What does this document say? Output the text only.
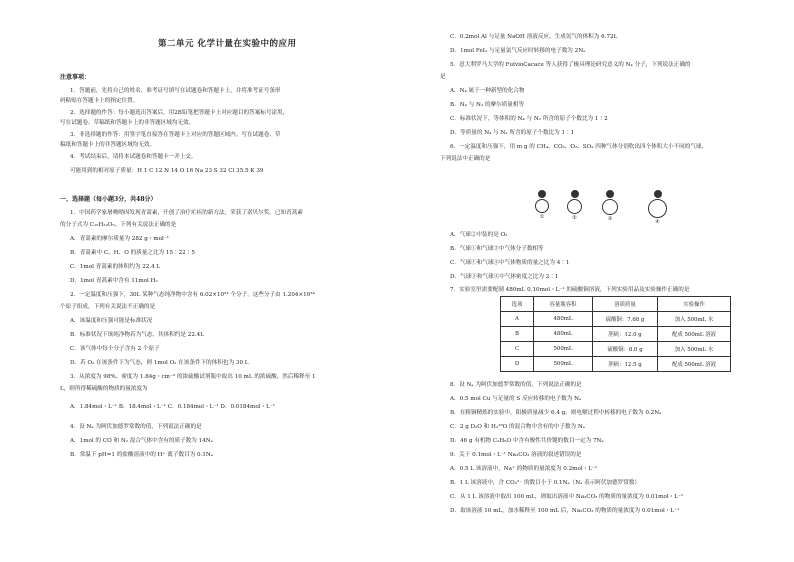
第二单元 化学计量在实验中的应用
注意事项：
1．答题前，先将自己的姓名、准考证号填写在试题卷和答题卡上，并将准考证号条形
码粘贴在答题卡上的指定位置。
2．选择题的作答：每小题选出答案后，用2B铅笔把答题卡上对应题目的答案标号涂黑，
写在试题卷、草稿纸和答题卡上的非答题区域均无效。
3．非选择题的作答：用签字笔直接答在答题卡上对应的答题区域内。写在试题卷、草
稿纸和答题卡上的非答题区域均无效。
4．考试结束后，请将本试题卷和答题卡一并上交。
可能用到的相对原子质量：H 1 C 12 N 14 O 16 Na 23 S 32 Cl 35.5 K 39
一、选择题（每小题3分，共48分）
1．中国药学家屠呦呦因发现青蒿素，开创了治疗疟疾的新方法，荣获了诺贝尔奖。已知青蒿素
的分子式为 C₁₅H₂₂O₅。下列有关说法正确的是
A．青蒿素的摩尔质量为 282 g・mol⁻¹
B．青蒿素中 C、H、O 的质量之比为 15∶22∶5
C．1mol 青蒿素的体积约为 22.4 L
D．1mol 青蒿素中含有 11mol H₂
2．一定温度和压强下，30L 某种气态纯净物中含有 6.02×10²³ 个分子，这些分子由 1.204×10²⁴
个原子组成，下列有关说法不正确的是
A．该温度和压强可能是标准状况
B．标准状况下该纯净物若为气态，其体积约是 22.4L
C．该气体中每个分子含有 2 个原子
D．若 O₂ 在该条件下为气态，则 1mol O₂ 在该条件下的体积也为 30 L
3．从浓度为 98%、密度为 1.84g・cm⁻³ 的浓硫酸试剂瓶中取出 10 mL 的浓硫酸，然后稀释至 1
L，则所得稀硫酸的物质的量浓度为
A．1.84mol・L⁻¹ B．18.4mol・L⁻¹ C．0.184mol・L⁻¹ D．0.0184mol・L⁻¹
4．设 Nₐ 为阿伏加德罗常数的值，下列说法正确的是
A．1mol 的 CO 和 N₂ 混合气体中含有的质子数为 14Nₐ
B．常温下 pH=1 的盐酸溶液中的 H⁺ 离子数目为 0.1Nₐ
C．0.2mol Al 与足量 NaOH 溶液反应，生成氢气的体积为 6.72L
D．1mol FeI₂ 与足量氯气反应时转移的电子数为 2Nₐ
5．意大利罗马大学的 FulvioCacace 等人获得了极具理论研究意义的 N₄ 分子，下列说法正确的
是
A．N₄ 属于一种新型的化合物
B．N₄ 与 N₂ 的摩尔质量相等
C．标准状况下，等体积的 N₄ 与 N₂ 所含的原子个数比为 1∶2
D．等质量的 N₄ 与 N₂ 所含的原子个数比为 1∶1
6．一定温度和压强下，用 m g 的 CH₄、CO₂、O₂、SO₂ 四种气体分别吹出四个体积大小不同的气球，
下列说法中正确的是
A．气球②中装的是 O₂
B．气球①和气球③中气体分子数相等
C．气球①和气球④中气体物质的量之比为 4∶1
D．气球③和气球④中气体密度之比为 2∶1
7．实验室里需要配制 480mL 0.10mol・L⁻¹ 的硫酸铜溶液，下列实验用品及实验操作正确的是
8．设 Nₐ 为阿伏加德罗常数的值，下列说法正确的是
A．0.5 mol Cu 与足量的 S 反应转移的电子数为 Nₐ
B．在粗铜精炼的实验中，阳极质量减少 6.4 g，则电解过程中转移的电子数为 0.2Nₐ
C．2 g D₂O 和 H₂¹⁸O 的混合物中含有的中子数为 Nₐ
D．46 g 有机物 C₂H₆O 中含有极性共价键的数目一定为 7Nₐ
9．关于 0.1mol・L⁻¹ Na₂CO₃ 溶液的叙述错误的是
A．0.5 L 该溶液中，Na⁺ 的物质的量浓度为 0.2mol・L⁻¹
B．1 L 该溶液中，含 CO₃²⁻ 的数目小于 0.1Nₐ（Nₐ 表示阿伏加德罗常数）
C．从 1 L 该溶液中取出 100 mL，则取出溶液中 Na₂CO₃ 的物质的量浓度为 0.01mol・L⁻¹
D．取该溶液 10 mL，加水稀释至 100 mL 后，Na₂CO₃ 的物质的量浓度为 0.01mol・L⁻¹
①	②	③	④
选项	容量瓶容积	溶质质量	实验操作
A	480mL	硫酸铜：7.68 g	加入 500mL 水
B	480mL	胆矾：12.0 g	配成 500mL 溶液
C	500mL	硫酸铜：8.0 g	加入 500mL 水
D	500mL	胆矾：12.5 g	配成 500mL 溶液
